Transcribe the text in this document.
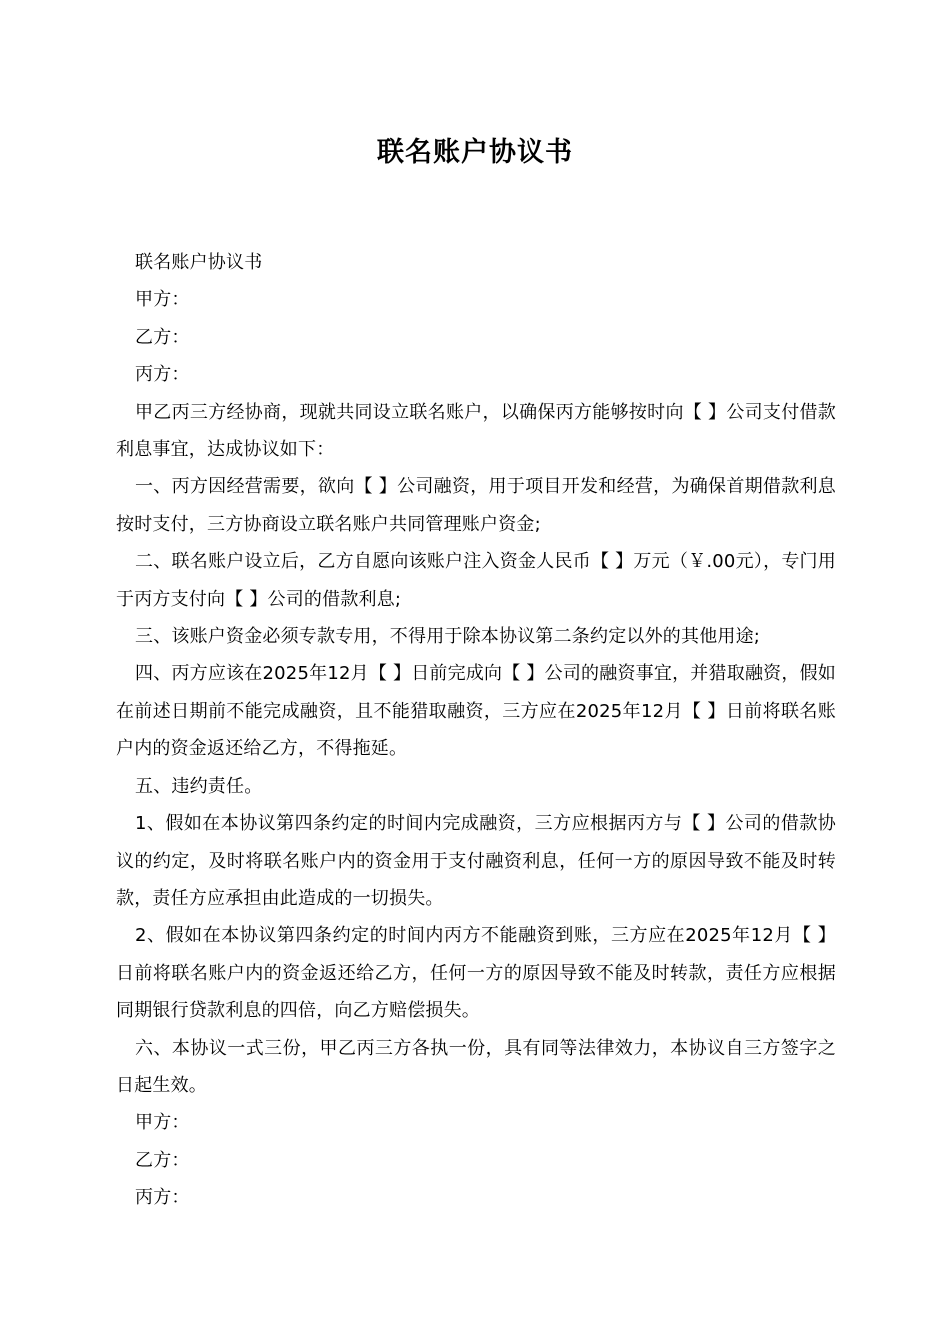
联名账户协议书

联名账户协议书

甲方：

乙方：

丙方：

甲乙丙三方经协商，现就共同设立联名账户，以确保丙方能够按时向【 】公司支付借款利息事宜，达成协议如下：

一、丙方因经营需要，欲向【 】公司融资，用于项目开发和经营，为确保首期借款利息按时支付，三方协商设立联名账户共同管理账户资金;

二、联名账户设立后，乙方自愿向该账户注入资金人民币【 】万元（￥.00元），专门用于丙方支付向【 】公司的借款利息;

三、该账户资金必须专款专用，不得用于除本协议第二条约定以外的其他用途;

四、丙方应该在2025年12月【 】日前完成向【 】公司的融资事宜，并猎取融资，假如在前述日期前不能完成融资，且不能猎取融资，三方应在2025年12月【 】日前将联名账户内的资金返还给乙方，不得拖延。

五、违约责任。

1、假如在本协议第四条约定的时间内完成融资，三方应根据丙方与【 】公司的借款协议的约定，及时将联名账户内的资金用于支付融资利息，任何一方的原因导致不能及时转款，责任方应承担由此造成的一切损失。

2、假如在本协议第四条约定的时间内丙方不能融资到账，三方应在2025年12月【 】日前将联名账户内的资金返还给乙方，任何一方的原因导致不能及时转款，责任方应根据同期银行贷款利息的四倍，向乙方赔偿损失。

六、本协议一式三份，甲乙丙三方各执一份，具有同等法律效力，本协议自三方签字之日起生效。

甲方：

乙方：

丙方：
